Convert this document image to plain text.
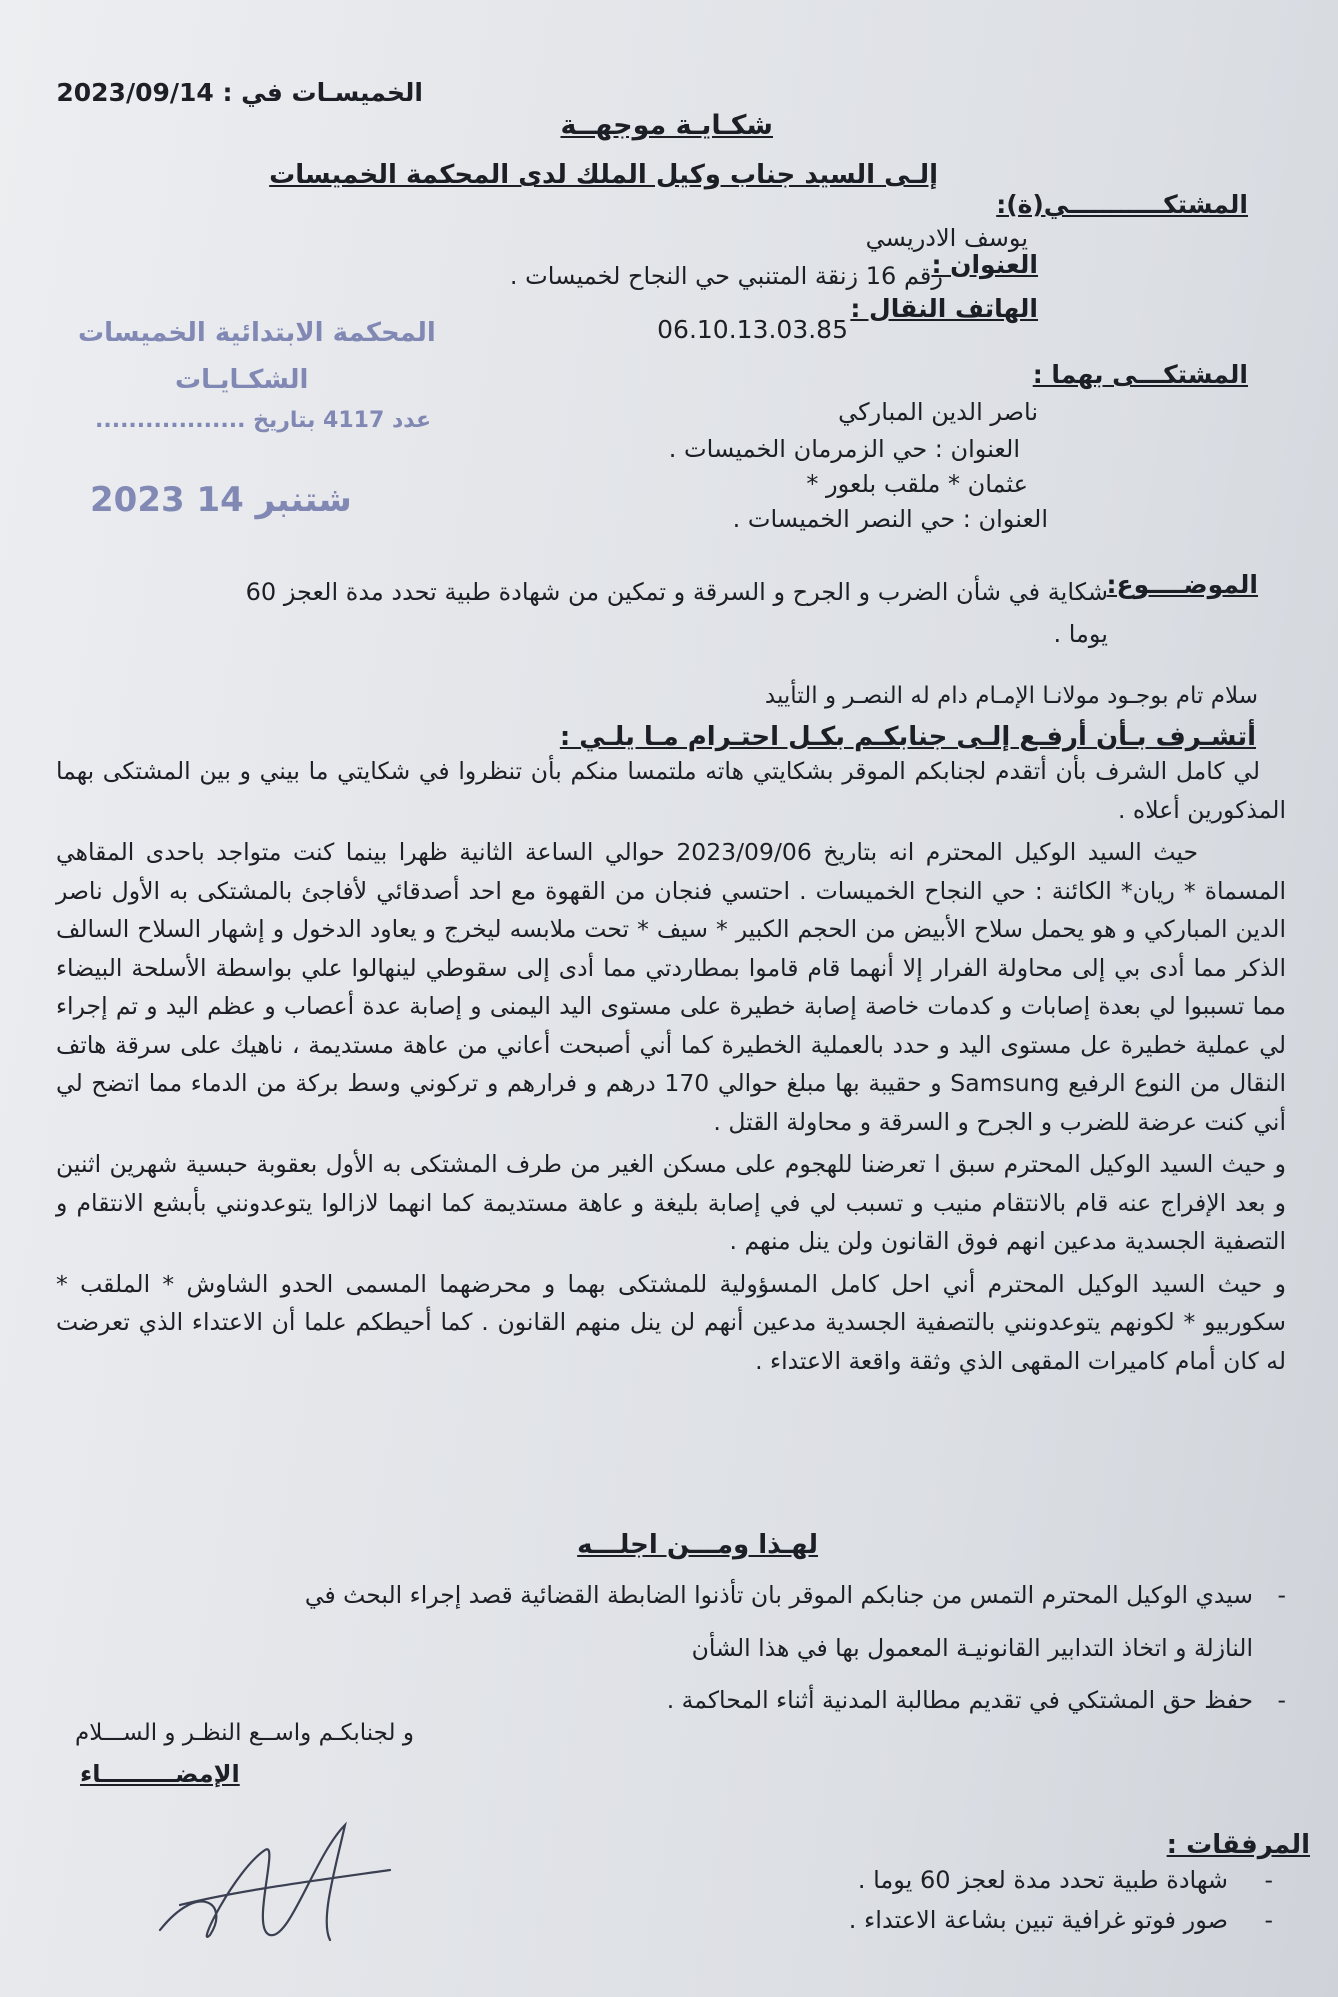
الخميسـات في : 2023/09/14
شكـايـة موجهــة
إلـى السيد جناب وكيل الملك لدى المحكمة الخميسات
المشتكـــــــــــي(ة):
يوسف الادريسي
العنوان :
رقم 16 زنقة المتنبي حي النجاح لخميسات .
الهاتف النقال :
06.10.13.03.85
المحكمة الابتدائية الخميسات
الشكـايـات
عدد 4117 بتاريخ ..................
2023 شتنبر 14
المشتكـــى بهما :
ناصر الدين المباركي
العنوان : حي الزمرمان الخميسات .
عثمان * ملقب بلعور *
العنوان : حي النصر الخميسات .
الموضــــوع:
شكاية في شأن الضرب و الجرح و السرقة و تمكين من شهادة طبية تحدد مدة العجز 60
يوما .
سلام تام بوجـود مولانـا الإمـام دام له النصـر و التأييد
أتشـرف بـأن أرفـع إلـى جنابكـم بكـل احتـرام مـا يلـي :

لي كامل الشرف بأن أتقدم لجنابكم الموقر بشكايتي هاته ملتمسا منكم بأن تنظروا في شكايتي ما بيني و بين المشتكى بهما المذكورين أعلاه .

حيث السيد الوكيل المحترم انه بتاريخ 2023/09/06 حوالي الساعة الثانية ظهرا بينما كنت متواجد باحدى المقاهي المسماة * ريان* الكائنة : حي النجاح الخميسات . احتسي فنجان من القهوة مع احد أصدقائي لأفاجئ بالمشتكى به الأول ناصر الدين المباركي و هو يحمل سلاح الأبيض من الحجم الكبير * سيف * تحت ملابسه ليخرج و يعاود الدخول و إشهار السلاح السالف الذكر مما أدى بي إلى محاولة الفرار إلا أنهما قام قاموا بمطاردتي مما أدى إلى سقوطي لينهالوا علي بواسطة الأسلحة البيضاء مما تسببوا لي بعدة إصابات و كدمات خاصة إصابة خطيرة على مستوى اليد اليمنى و إصابة عدة أعصاب و عظم اليد و تم إجراء لي عملية خطيرة عل مستوى اليد و حدد بالعملية الخطيرة كما أني أصبحت أعاني من عاهة مستديمة ، ناهيك على سرقة هاتف النقال من النوع الرفيع Samsung و حقيبة بها مبلغ حوالي 170 درهم و فرارهم و تركوني وسط بركة من الدماء مما اتضح لي أني كنت عرضة للضرب و الجرح و السرقة و محاولة القتل .

و حيث السيد الوكيل المحترم سبق ا تعرضنا للهجوم على مسكن الغير من طرف المشتكى به الأول بعقوبة حبسية شهرين اثنين و بعد الإفراج عنه قام بالانتقام منيب و تسبب لي في إصابة بليغة و عاهة مستديمة كما انهما لازالوا يتوعدونني بأبشع الانتقام و التصفية الجسدية مدعين انهم فوق القانون ولن ينل منهم .

و حيث السيد الوكيل المحترم أني احل كامل المسؤولية للمشتكى بهما و محرضهما المسمى الحدو الشاوش * الملقب * سكوربيو * لكونهم يتوعدونني بالتصفية الجسدية مدعين أنهم لن ينل منهم القانون . كما أحيطكم علما أن الاعتداء الذي تعرضت له كان أمام كاميرات المقهى الذي وثقة واقعة الاعتداء .

لهـذا ومـــن اجلـــه
-
سيدي الوكيل المحترم التمس من جنابكم الموقر بان تأذنوا الضابطة القضائية قصد إجراء البحث في
النازلة و اتخاذ التدابير القانونيـة المعمول بها في هذا الشأن
-
حفظ حق المشتكي في تقديم مطالبة المدنية أثناء المحاكمة .
و لجنابكـم واســع النظـر و الســـلام
الإمضـــــــــاء
المرفقات :
-
شهادة طبية تحدد مدة لعجز 60 يوما .
-
صور فوتو غرافية تبين بشاعة الاعتداء .
